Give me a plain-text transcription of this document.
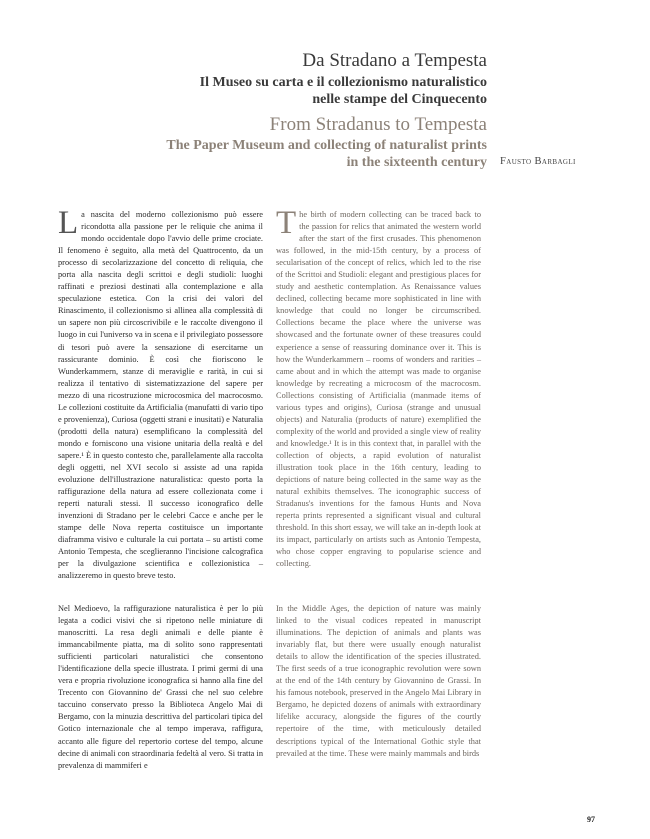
Da Stradano a Tempesta
Il Museo su carta e il collezionismo naturalistico
nelle stampe del Cinquecento
From Stradanus to Tempesta
The Paper Museum and collecting of naturalist prints
in the sixteenth century Fausto Barbagli
L a nascita del moderno collezionismo può essere ricondotta alla passione per le reliquie che anima il mondo occidentale dopo l'avvio delle prime crociate. Il fenomeno è seguito, alla metà del Quattrocento, da un processo di secolarizzazione del concetto di reliquia, che porta alla nascita degli scrittoi e degli studioli: luoghi raffinati e preziosi destinati alla contemplazione e alla speculazione estetica. Con la crisi dei valori del Rinascimento, il collezionismo si allinea alla complessità di un sapere non più circoscrivibile e le raccolte divengono il luogo in cui l'universo va in scena e il privilegiato possessore di tesori può avere la sensazione di esercitarne un rassicurante dominio. È così che fioriscono le Wunderkammern, stanze di meraviglie e rarità, in cui si realizza il tentativo di sistematizzazione del sapere per mezzo di una ricostruzione microcosmica del macrocosmo. Le collezioni costituite da Artificialia (manufatti di vario tipo e provenienza), Curiosa (oggetti strani e inusitati) e Naturalia (prodotti della natura) esemplificano la complessità del mondo e forniscono una visione unitaria della realtà e del sapere.¹ È in questo contesto che, parallelamente alla raccolta degli oggetti, nel XVI secolo si assiste ad una rapida evoluzione dell'illustrazione naturalistica: questo porta la raffigurazione della natura ad essere collezionata come i reperti naturali stessi. Il successo iconografico delle invenzioni di Stradano per le celebri Cacce e anche per le stampe delle Nova reperta costituisce un importante diaframma visivo e culturale la cui portata – su artisti come Antonio Tempesta, che sceglieranno l'incisione calcografica per la divulgazione scientifica e collezionistica – analizzeremo in questo breve testo.

T he birth of modern collecting can be traced back to the passion for relics that animated the western world after the start of the first crusades. This phenomenon was followed, in the mid-15th century, by a process of secularisation of the concept of relics, which led to the rise of the Scrittoi and Studioli: elegant and prestigious places for study and aesthetic contemplation. As Renaissance values declined, collecting became more sophisticated in line with knowledge that could no longer be circumscribed. Collections became the place where the universe was showcased and the fortunate owner of these treasures could experience a sense of reassuring dominance over it. This is how the Wunderkammern – rooms of wonders and rarities – came about and in which the attempt was made to organise knowledge by recreating a microcosm of the macrocosm. Collections consisting of Artificialia (manmade items of various types and origins), Curiosa (strange and unusual objects) and Naturalia (products of nature) exemplified the complexity of the world and provided a single view of reality and knowledge.¹ It is in this context that, in parallel with the collection of objects, a rapid evolution of naturalist illustration took place in the 16th century, leading to depictions of nature being collected in the same way as the natural exhibits themselves. The iconographic success of Stradanus's inventions for the famous Hunts and Nova reperta prints represented a significant visual and cultural threshold. In this short essay, we will take an in-depth look at its impact, particularly on artists such as Antonio Tempesta, who chose copper engraving to popularise science and collecting.

Nel Medioevo, la raffigurazione naturalistica è per lo più legata a codici visivi che si ripetono nelle miniature di manoscritti. La resa degli animali e delle piante è immancabilmente piatta, ma di solito sono rappresentati sufficienti particolari naturalistici che consentono l'identificazione della specie illustrata. I primi germi di una vera e propria rivoluzione iconografica si hanno alla fine del Trecento con Giovannino de' Grassi che nel suo celebre taccuino conservato presso la Biblioteca Angelo Mai di Bergamo, con la minuzia descrittiva del particolari tipica del Gotico internazionale che al tempo imperava, raffigura, accanto alle figure del repertorio cortese del tempo, alcune decine di animali con straordinaria fedeltà al vero. Si tratta in prevalenza di mammiferi e

In the Middle Ages, the depiction of nature was mainly linked to the visual codices repeated in manuscript illuminations. The depiction of animals and plants was invariably flat, but there were usually enough naturalist details to allow the identification of the species illustrated. The first seeds of a true iconographic revolution were sown at the end of the 14th century by Giovannino de Grassi. In his famous notebook, preserved in the Angelo Mai Library in Bergamo, he depicted dozens of animals with extraordinary lifelike accuracy, alongside the figures of the courtly repertoire of the time, with meticulously detailed descriptions typical of the International Gothic style that prevailed at the time. These were mainly mammals and birds

97
